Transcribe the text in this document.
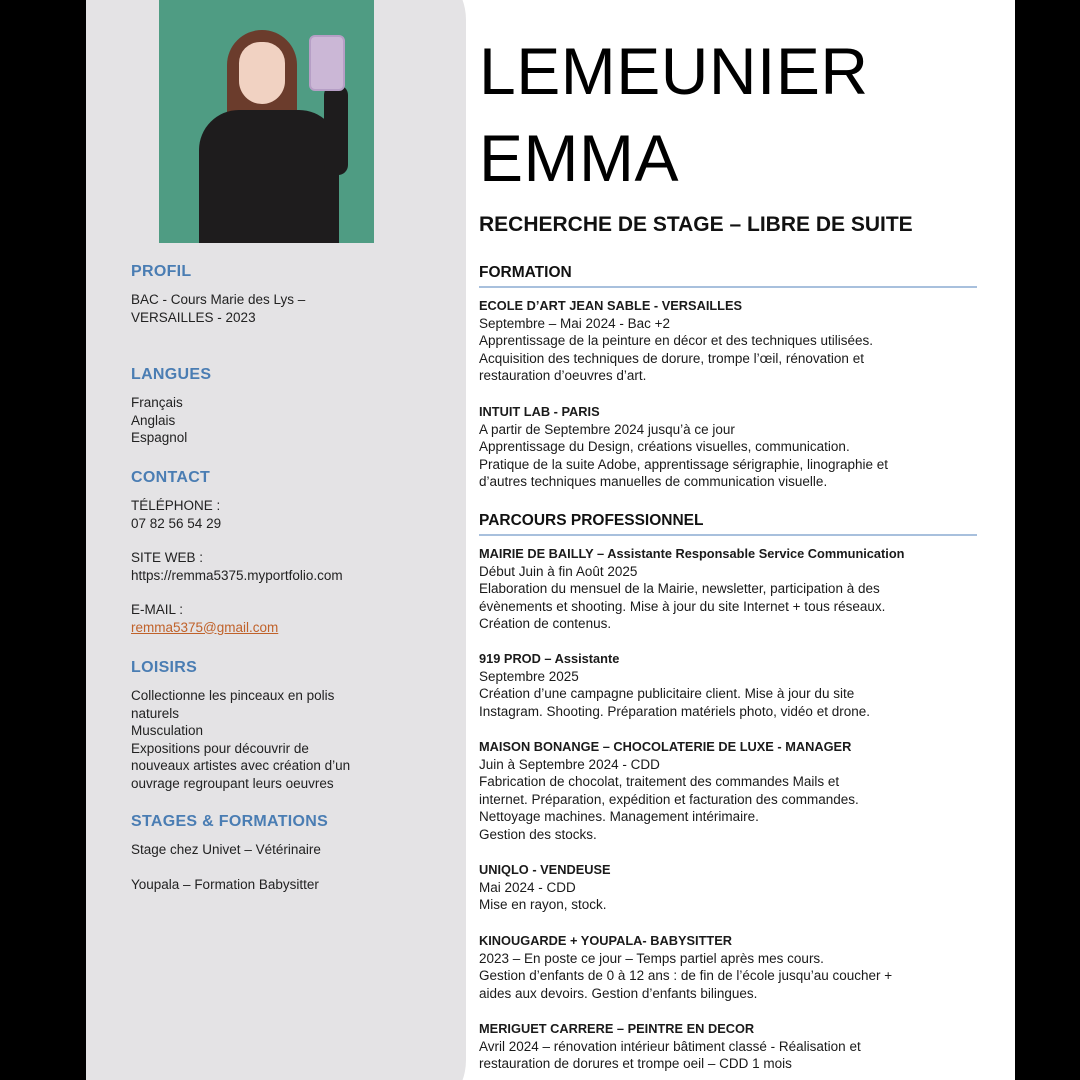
PROFIL
BAC - Cours Marie des Lys –
VERSAILLES - 2023
LANGUES
Français
Anglais
Espagnol
CONTACT
TÉLÉPHONE :
07 82 56 54 29
SITE WEB :
https://remma5375.myportfolio.com
E-MAIL :
remma5375@gmail.com
LOISIRS
Collectionne les pinceaux en polis
naturels
Musculation
Expositions pour découvrir de
nouveaux artistes avec création d’un
ouvrage regroupant leurs oeuvres
STAGES & FORMATIONS
Stage chez Univet – Vétérinaire
Youpala – Formation Babysitter
LEMEUNIER
EMMA
RECHERCHE DE STAGE – LIBRE DE SUITE
FORMATION
ECOLE D’ART JEAN SABLE - VERSAILLES
Septembre – Mai 2024 - Bac +2
Apprentissage de la peinture en décor et des techniques utilisées.
Acquisition des techniques de dorure, trompe l’œil, rénovation et
restauration d’oeuvres d’art.
INTUIT LAB - PARIS
A partir de Septembre 2024 jusqu’à ce jour
Apprentissage du Design, créations visuelles, communication.
Pratique de la suite Adobe, apprentissage sérigraphie, linographie et
d’autres techniques manuelles de communication visuelle.
PARCOURS PROFESSIONNEL
MAIRIE DE BAILLY – Assistante Responsable Service Communication
Début Juin à fin Août 2025
Elaboration du mensuel de la Mairie, newsletter, participation à des
évènements et shooting. Mise à jour du site Internet + tous réseaux.
Création de contenus.
919 PROD – Assistante
Septembre 2025
Création d’une campagne publicitaire client. Mise à jour du site
Instagram. Shooting. Préparation matériels photo, vidéo et drone.
MAISON BONANGE – CHOCOLATERIE DE LUXE - MANAGER
Juin à Septembre 2024 - CDD
Fabrication de chocolat, traitement des commandes Mails et
internet. Préparation, expédition et facturation des commandes.
Nettoyage machines. Management intérimaire.
Gestion des stocks.
UNIQLO - VENDEUSE
Mai 2024 - CDD
Mise en rayon, stock.
KINOUGARDE + YOUPALA- BABYSITTER
2023 – En poste ce jour – Temps partiel après mes cours.
Gestion d’enfants de 0 à 12 ans : de fin de l’école jusqu’au coucher +
aides aux devoirs. Gestion d’enfants bilingues.
MERIGUET CARRERE – PEINTRE EN DECOR
Avril 2024 – rénovation intérieur bâtiment classé - Réalisation et
restauration de dorures et trompe oeil – CDD 1 mois
